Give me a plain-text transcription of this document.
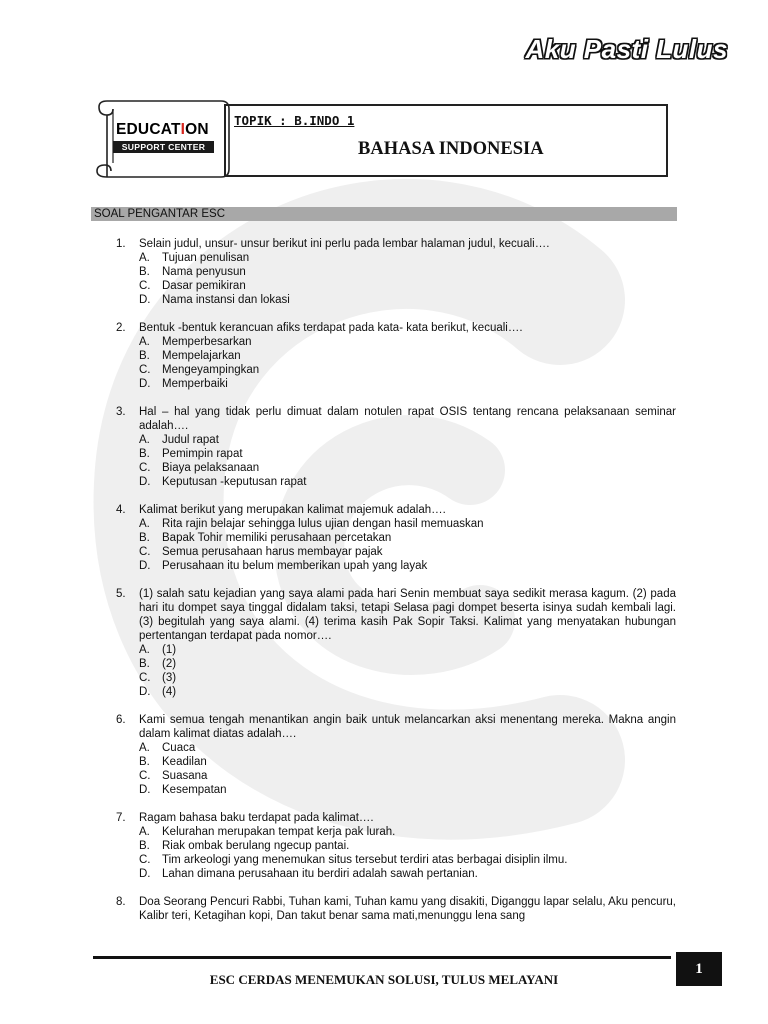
Aku Pasti Lulus
EDUCATION
SUPPORT CENTER
TOPIK : B.INDO 1
BAHASA INDONESIA
SOAL PENGANTAR ESC
1. Selain judul, unsur- unsur berikut ini perlu pada lembar halaman judul, kecuali….
A. Tujuan penulisan
B. Nama penyusun
C. Dasar pemikiran
D. Nama instansi dan lokasi
2. Bentuk -bentuk kerancuan afiks terdapat pada kata- kata berikut, kecuali….
A. Memperbesarkan
B. Mempelajarkan
C. Mengeyampingkan
D. Memperbaiki
3. Hal – hal yang tidak perlu dimuat dalam notulen rapat OSIS tentang rencana pelaksanaan seminar adalah….
A. Judul rapat
B. Pemimpin rapat
C. Biaya pelaksanaan
D. Keputusan -keputusan rapat
4. Kalimat berikut yang merupakan kalimat majemuk adalah….
A. Rita rajin belajar sehingga lulus ujian dengan hasil memuaskan
B. Bapak Tohir memiliki perusahaan percetakan
C. Semua perusahaan harus membayar pajak
D. Perusahaan itu belum memberikan upah yang layak
5. (1) salah satu kejadian yang saya alami pada hari Senin membuat saya sedikit merasa kagum. (2) pada hari itu dompet saya tinggal didalam taksi, tetapi Selasa pagi dompet beserta isinya sudah kembali lagi. (3) begitulah yang saya alami. (4) terima kasih Pak Sopir Taksi. Kalimat yang menyatakan hubungan pertentangan terdapat pada nomor….
A. (1)
B. (2)
C. (3)
D. (4)
6. Kami semua tengah menantikan angin baik untuk melancarkan aksi menentang mereka. Makna angin dalam kalimat diatas adalah….
A. Cuaca
B. Keadilan
C. Suasana
D. Kesempatan
7. Ragam bahasa baku terdapat pada kalimat….
A. Kelurahan merupakan tempat kerja pak lurah.
B. Riak ombak berulang ngecup pantai.
C. Tim arkeologi yang menemukan situs tersebut terdiri atas berbagai disiplin ilmu.
D. Lahan dimana perusahaan itu berdiri adalah sawah pertanian.
8. Doa Seorang Pencuri Rabbi, Tuhan kami, Tuhan kamu yang disakiti, Diganggu lapar selalu, Aku pencuru, Kalibr teri, Ketagihan kopi, Dan takut benar sama mati,menunggu lena sang
ESC CERDAS MENEMUKAN SOLUSI, TULUS MELAYANI
1
